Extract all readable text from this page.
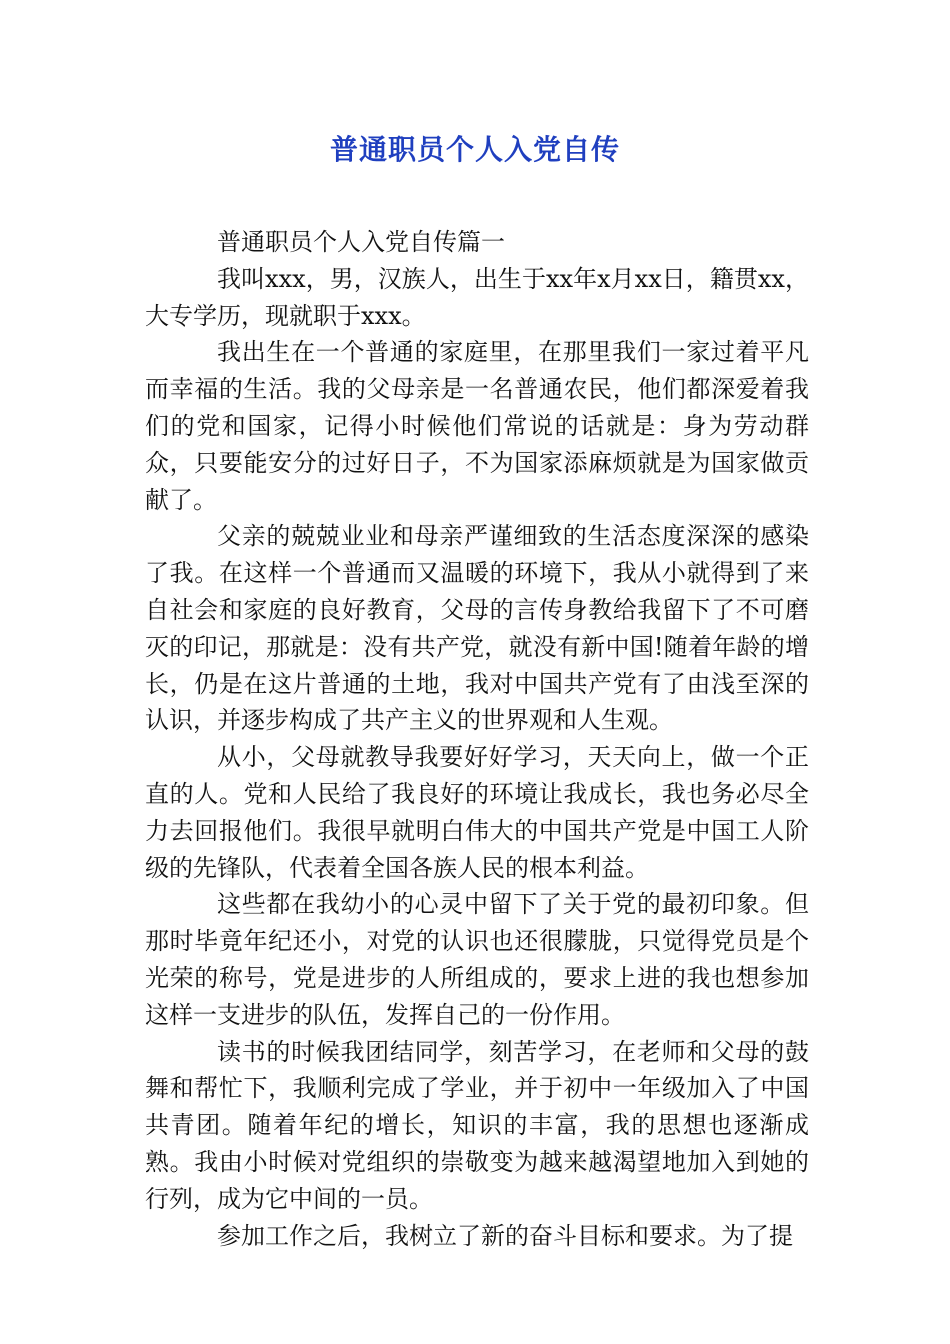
普通职员个人入党自传

普通职员个人入党自传篇一

我叫xxx，男，汉族人，出生于xx年x月xx日，籍贯xx，大专学历，现就职于xxx。

我出生在一个普通的家庭里，在那里我们一家过着平凡而幸福的生活。我的父母亲是一名普通农民，他们都深爱着我们的党和国家，记得小时候他们常说的话就是：身为劳动群众，只要能安分的过好日子，不为国家添麻烦就是为国家做贡献了。

父亲的兢兢业业和母亲严谨细致的生活态度深深的感染了我。在这样一个普通而又温暖的环境下，我从小就得到了来自社会和家庭的良好教育，父母的言传身教给我留下了不可磨灭的印记，那就是：没有共产党，就没有新中国!随着年龄的增长，仍是在这片普通的土地，我对中国共产党有了由浅至深的认识，并逐步构成了共产主义的世界观和人生观。

从小，父母就教导我要好好学习，天天向上，做一个正直的人。党和人民给了我良好的环境让我成长，我也务必尽全力去回报他们。我很早就明白伟大的中国共产党是中国工人阶级的先锋队，代表着全国各族人民的根本利益。

这些都在我幼小的心灵中留下了关于党的最初印象。但那时毕竟年纪还小，对党的认识也还很朦胧，只觉得党员是个光荣的称号，党是进步的人所组成的，要求上进的我也想参加这样一支进步的队伍，发挥自己的一份作用。

读书的时候我团结同学，刻苦学习，在老师和父母的鼓舞和帮忙下，我顺利完成了学业，并于初中一年级加入了中国共青团。随着年纪的增长，知识的丰富，我的思想也逐渐成熟。我由小时候对党组织的崇敬变为越来越渴望地加入到她的行列，成为它中间的一员。

参加工作之后，我树立了新的奋斗目标和要求。为了提
